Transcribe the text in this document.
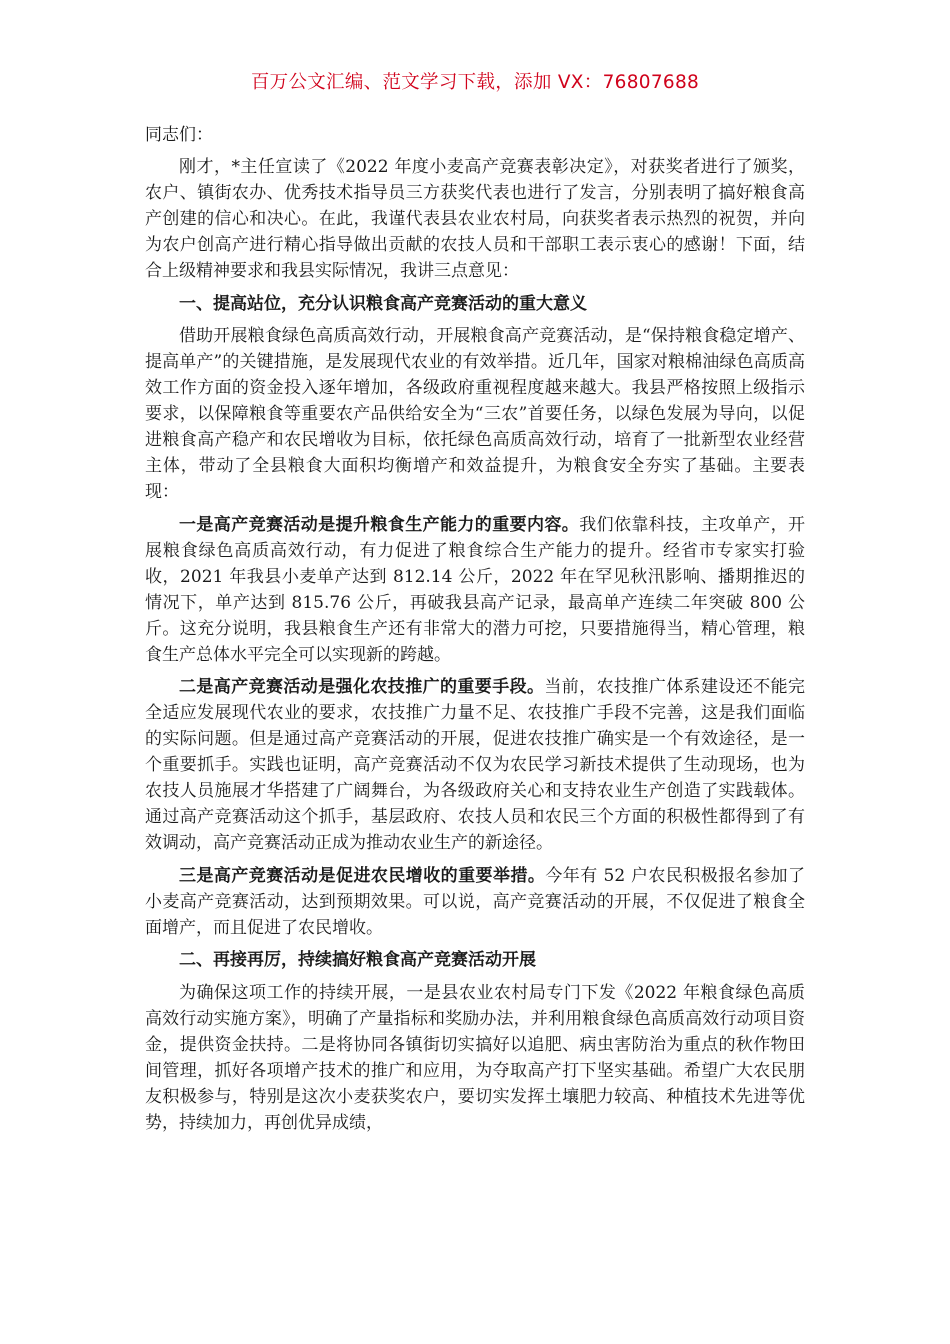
百万公文汇编、范文学习下载，添加 VX：76807688

同志们：

刚才，*主任宣读了《2022 年度小麦高产竞赛表彰决定》，对获奖者进行了颁奖，农户、镇街农办、优秀技术指导员三方获奖代表也进行了发言，分别表明了搞好粮食高产创建的信心和决心。在此，我谨代表县农业农村局，向获奖者表示热烈的祝贺，并向为农户创高产进行精心指导做出贡献的农技人员和干部职工表示衷心的感谢！下面，结合上级精神要求和我县实际情况，我讲三点意见：

一、提高站位，充分认识粮食高产竞赛活动的重大意义

借助开展粮食绿色高质高效行动，开展粮食高产竞赛活动，是“保持粮食稳定增产、提高单产”的关键措施，是发展现代农业的有效举措。近几年，国家对粮棉油绿色高质高效工作方面的资金投入逐年增加，各级政府重视程度越来越大。我县严格按照上级指示要求，以保障粮食等重要农产品供给安全为“三农”首要任务，以绿色发展为导向，以促进粮食高产稳产和农民增收为目标，依托绿色高质高效行动，培育了一批新型农业经营主体，带动了全县粮食大面积均衡增产和效益提升，为粮食安全夯实了基础。主要表现：

一是高产竞赛活动是提升粮食生产能力的重要内容。我们依靠科技，主攻单产，开展粮食绿色高质高效行动，有力促进了粮食综合生产能力的提升。经省市专家实打验收，2021 年我县小麦单产达到 812.14 公斤，2022 年在罕见秋汛影响、播期推迟的情况下，单产达到 815.76 公斤，再破我县高产记录，最高单产连续二年突破 800 公斤。这充分说明，我县粮食生产还有非常大的潜力可挖，只要措施得当，精心管理，粮食生产总体水平完全可以实现新的跨越。

二是高产竞赛活动是强化农技推广的重要手段。当前，农技推广体系建设还不能完全适应发展现代农业的要求，农技推广力量不足、农技推广手段不完善，这是我们面临的实际问题。但是通过高产竞赛活动的开展，促进农技推广确实是一个有效途径，是一个重要抓手。实践也证明，高产竞赛活动不仅为农民学习新技术提供了生动现场，也为农技人员施展才华搭建了广阔舞台，为各级政府关心和支持农业生产创造了实践载体。通过高产竞赛活动这个抓手，基层政府、农技人员和农民三个方面的积极性都得到了有效调动，高产竞赛活动正成为推动农业生产的新途径。

三是高产竞赛活动是促进农民增收的重要举措。今年有 52 户农民积极报名参加了小麦高产竞赛活动，达到预期效果。可以说，高产竞赛活动的开展，不仅促进了粮食全面增产，而且促进了农民增收。

二、再接再厉，持续搞好粮食高产竞赛活动开展

为确保这项工作的持续开展，一是县农业农村局专门下发《2022 年粮食绿色高质高效行动实施方案》，明确了产量指标和奖励办法，并利用粮食绿色高质高效行动项目资金，提供资金扶持。二是将协同各镇街切实搞好以追肥、病虫害防治为重点的秋作物田间管理，抓好各项增产技术的推广和应用，为夺取高产打下坚实基础。希望广大农民朋友积极参与，特别是这次小麦获奖农户，要切实发挥土壤肥力较高、种植技术先进等优势，持续加力，再创优异成绩，
